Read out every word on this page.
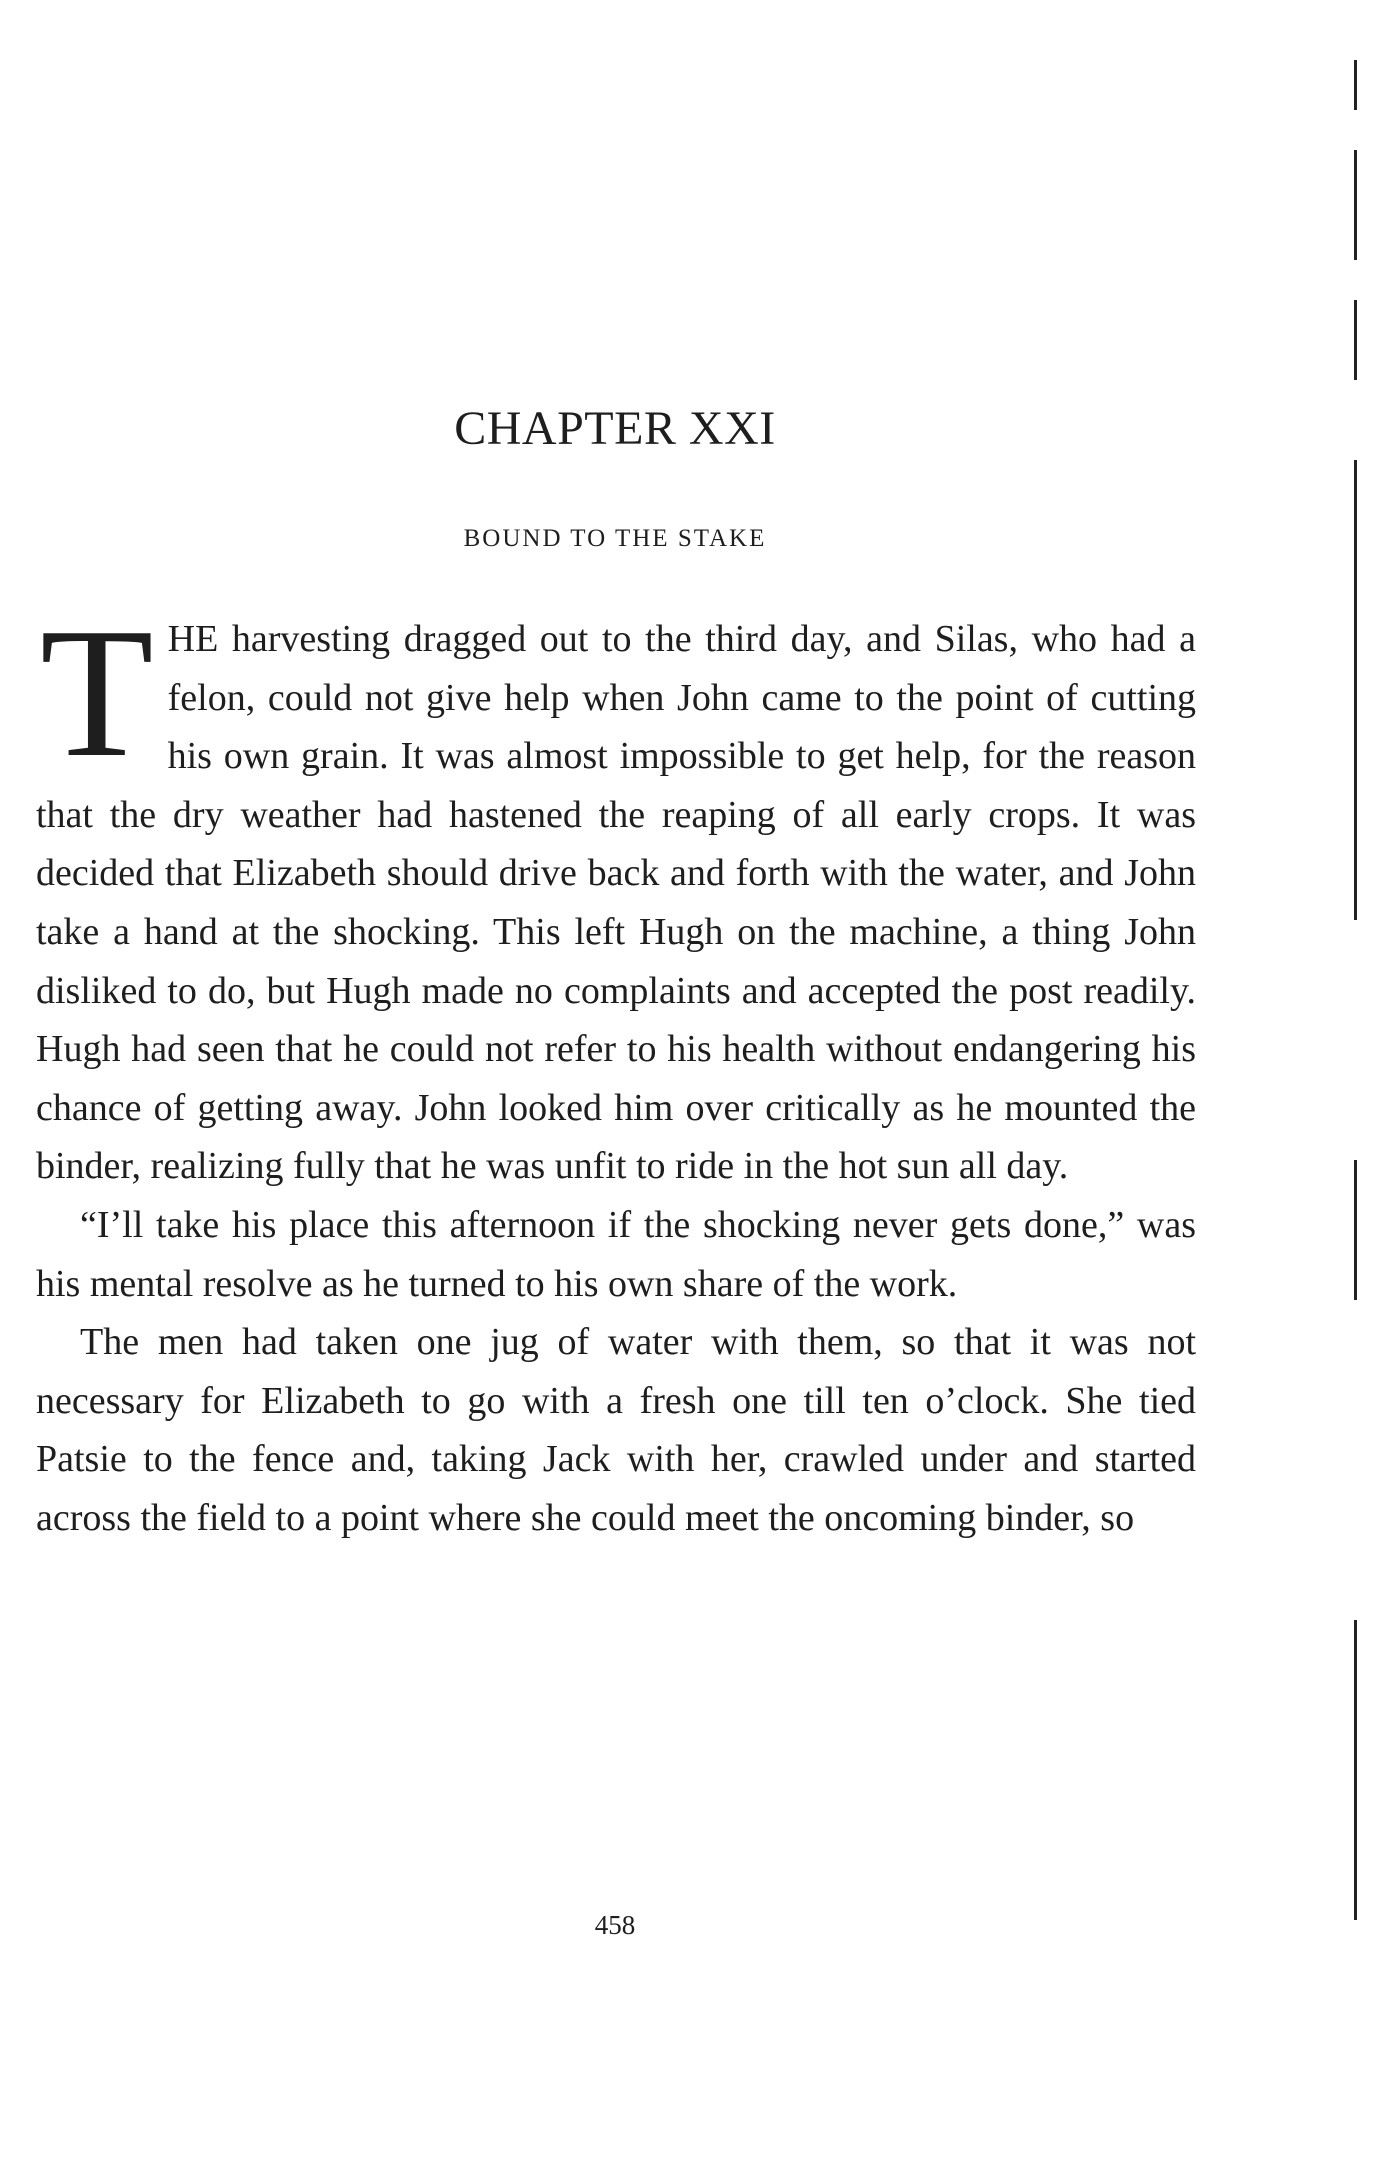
CHAPTER XXI
BOUND TO THE STAKE

THE harvesting dragged out to the third day, and Silas, who had a felon, could not give help when John came to the point of cutting his own grain. It was almost impossible to get help, for the reason that the dry weather had hastened the reaping of all early crops. It was decided that Elizabeth should drive back and forth with the water, and John take a hand at the shocking. This left Hugh on the machine, a thing John disliked to do, but Hugh made no complaints and accepted the post readily. Hugh had seen that he could not refer to his health without endangering his chance of getting away. John looked him over critically as he mounted the binder, realizing fully that he was unfit to ride in the hot sun all day.

“I’ll take his place this afternoon if the shocking never gets done,” was his mental resolve as he turned to his own share of the work.

The men had taken one jug of water with them, so that it was not necessary for Elizabeth to go with a fresh one till ten o’clock. She tied Patsie to the fence and, taking Jack with her, crawled under and started across the field to a point where she could meet the oncoming binder, so

458
